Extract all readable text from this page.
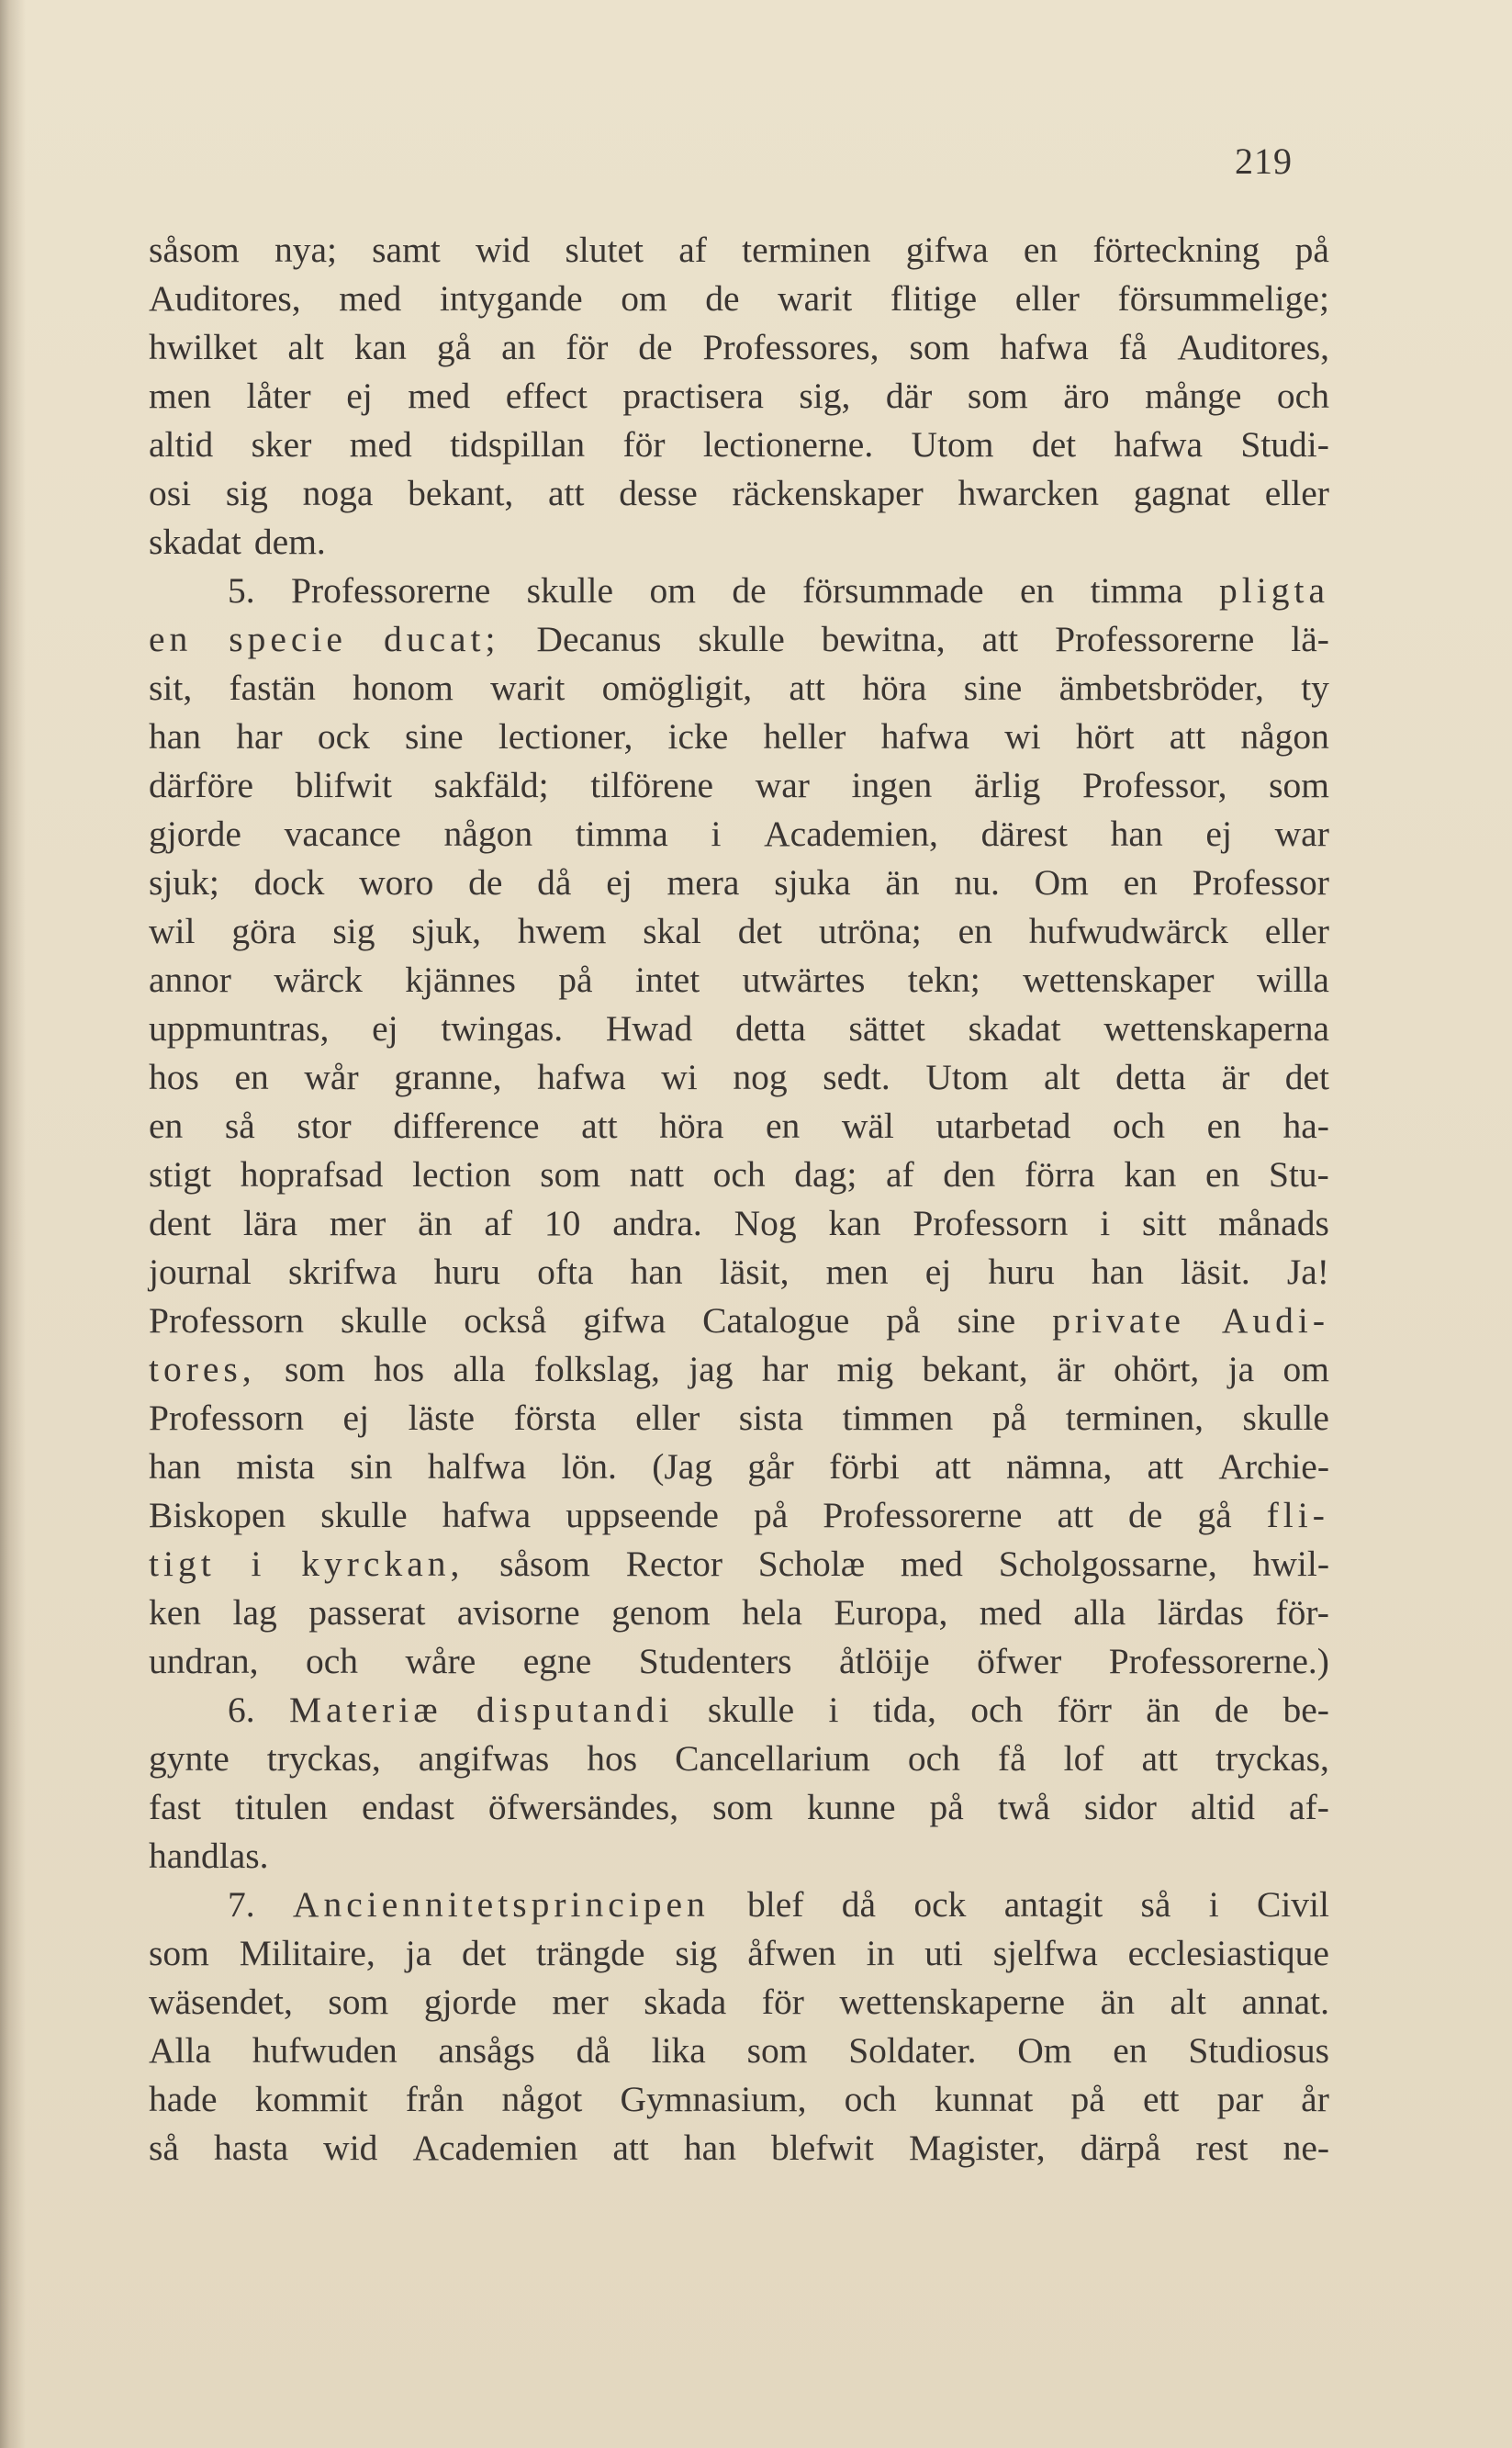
219
såsom nya; samt wid slutet af terminen gifwa en förteckning på
Auditores, med intygande om de warit flitige eller försummelige;
hwilket alt kan gå an för de Professores, som hafwa få Auditores,
men låter ej med effect practisera sig, där som äro månge och
altid sker med tidspillan för lectionerne. Utom det hafwa Studi-
osi sig noga bekant, att desse räckenskaper hwarcken gagnat eller
skadat dem.
5. Professorerne skulle om de försummade en timma pligta
en specie ducat; Decanus skulle bewitna, att Professorerne lä-
sit, fastän honom warit omögligit, att höra sine ämbetsbröder, ty
han har ock sine lectioner, icke heller hafwa wi hört att någon
därföre blifwit sakfäld; tilförene war ingen ärlig Professor, som
gjorde vacance någon timma i Academien, därest han ej war
sjuk; dock woro de då ej mera sjuka än nu. Om en Professor
wil göra sig sjuk, hwem skal det utröna; en hufwudwärck eller
annor wärck kjännes på intet utwärtes tekn; wettenskaper willa
uppmuntras, ej twingas. Hwad detta sättet skadat wettenskaperna
hos en wår granne, hafwa wi nog sedt. Utom alt detta är det
en så stor difference att höra en wäl utarbetad och en ha-
stigt hoprafsad lection som natt och dag; af den förra kan en Stu-
dent lära mer än af 10 andra. Nog kan Professorn i sitt månads
journal skrifwa huru ofta han läsit, men ej huru han läsit. Ja!
Professorn skulle också gifwa Catalogue på sine private Audi-
tores, som hos alla folkslag, jag har mig bekant, är ohört, ja om
Professorn ej läste första eller sista timmen på terminen, skulle
han mista sin halfwa lön. (Jag går förbi att nämna, att Archie-
Biskopen skulle hafwa uppseende på Professorerne att de gå fli-
tigt i kyrckan, såsom Rector Scholæ med Scholgossarne, hwil-
ken lag passerat avisorne genom hela Europa, med alla lärdas för-
undran, och wåre egne Studenters åtlöije öfwer Professorerne.)
6. Materiæ disputandi skulle i tida, och förr än de be-
gynte tryckas, angifwas hos Cancellarium och få lof att tryckas,
fast titulen endast öfwersändes, som kunne på twå sidor altid af-
handlas.
7. Anciennitetsprincipen blef då ock antagit så i Civil
som Militaire, ja det trängde sig åfwen in uti sjelfwa ecclesiastique
wäsendet, som gjorde mer skada för wettenskaperne än alt annat.
Alla hufwuden ansågs då lika som Soldater. Om en Studiosus
hade kommit från något Gymnasium, och kunnat på ett par år
så hasta wid Academien att han blefwit Magister, därpå rest ne-
